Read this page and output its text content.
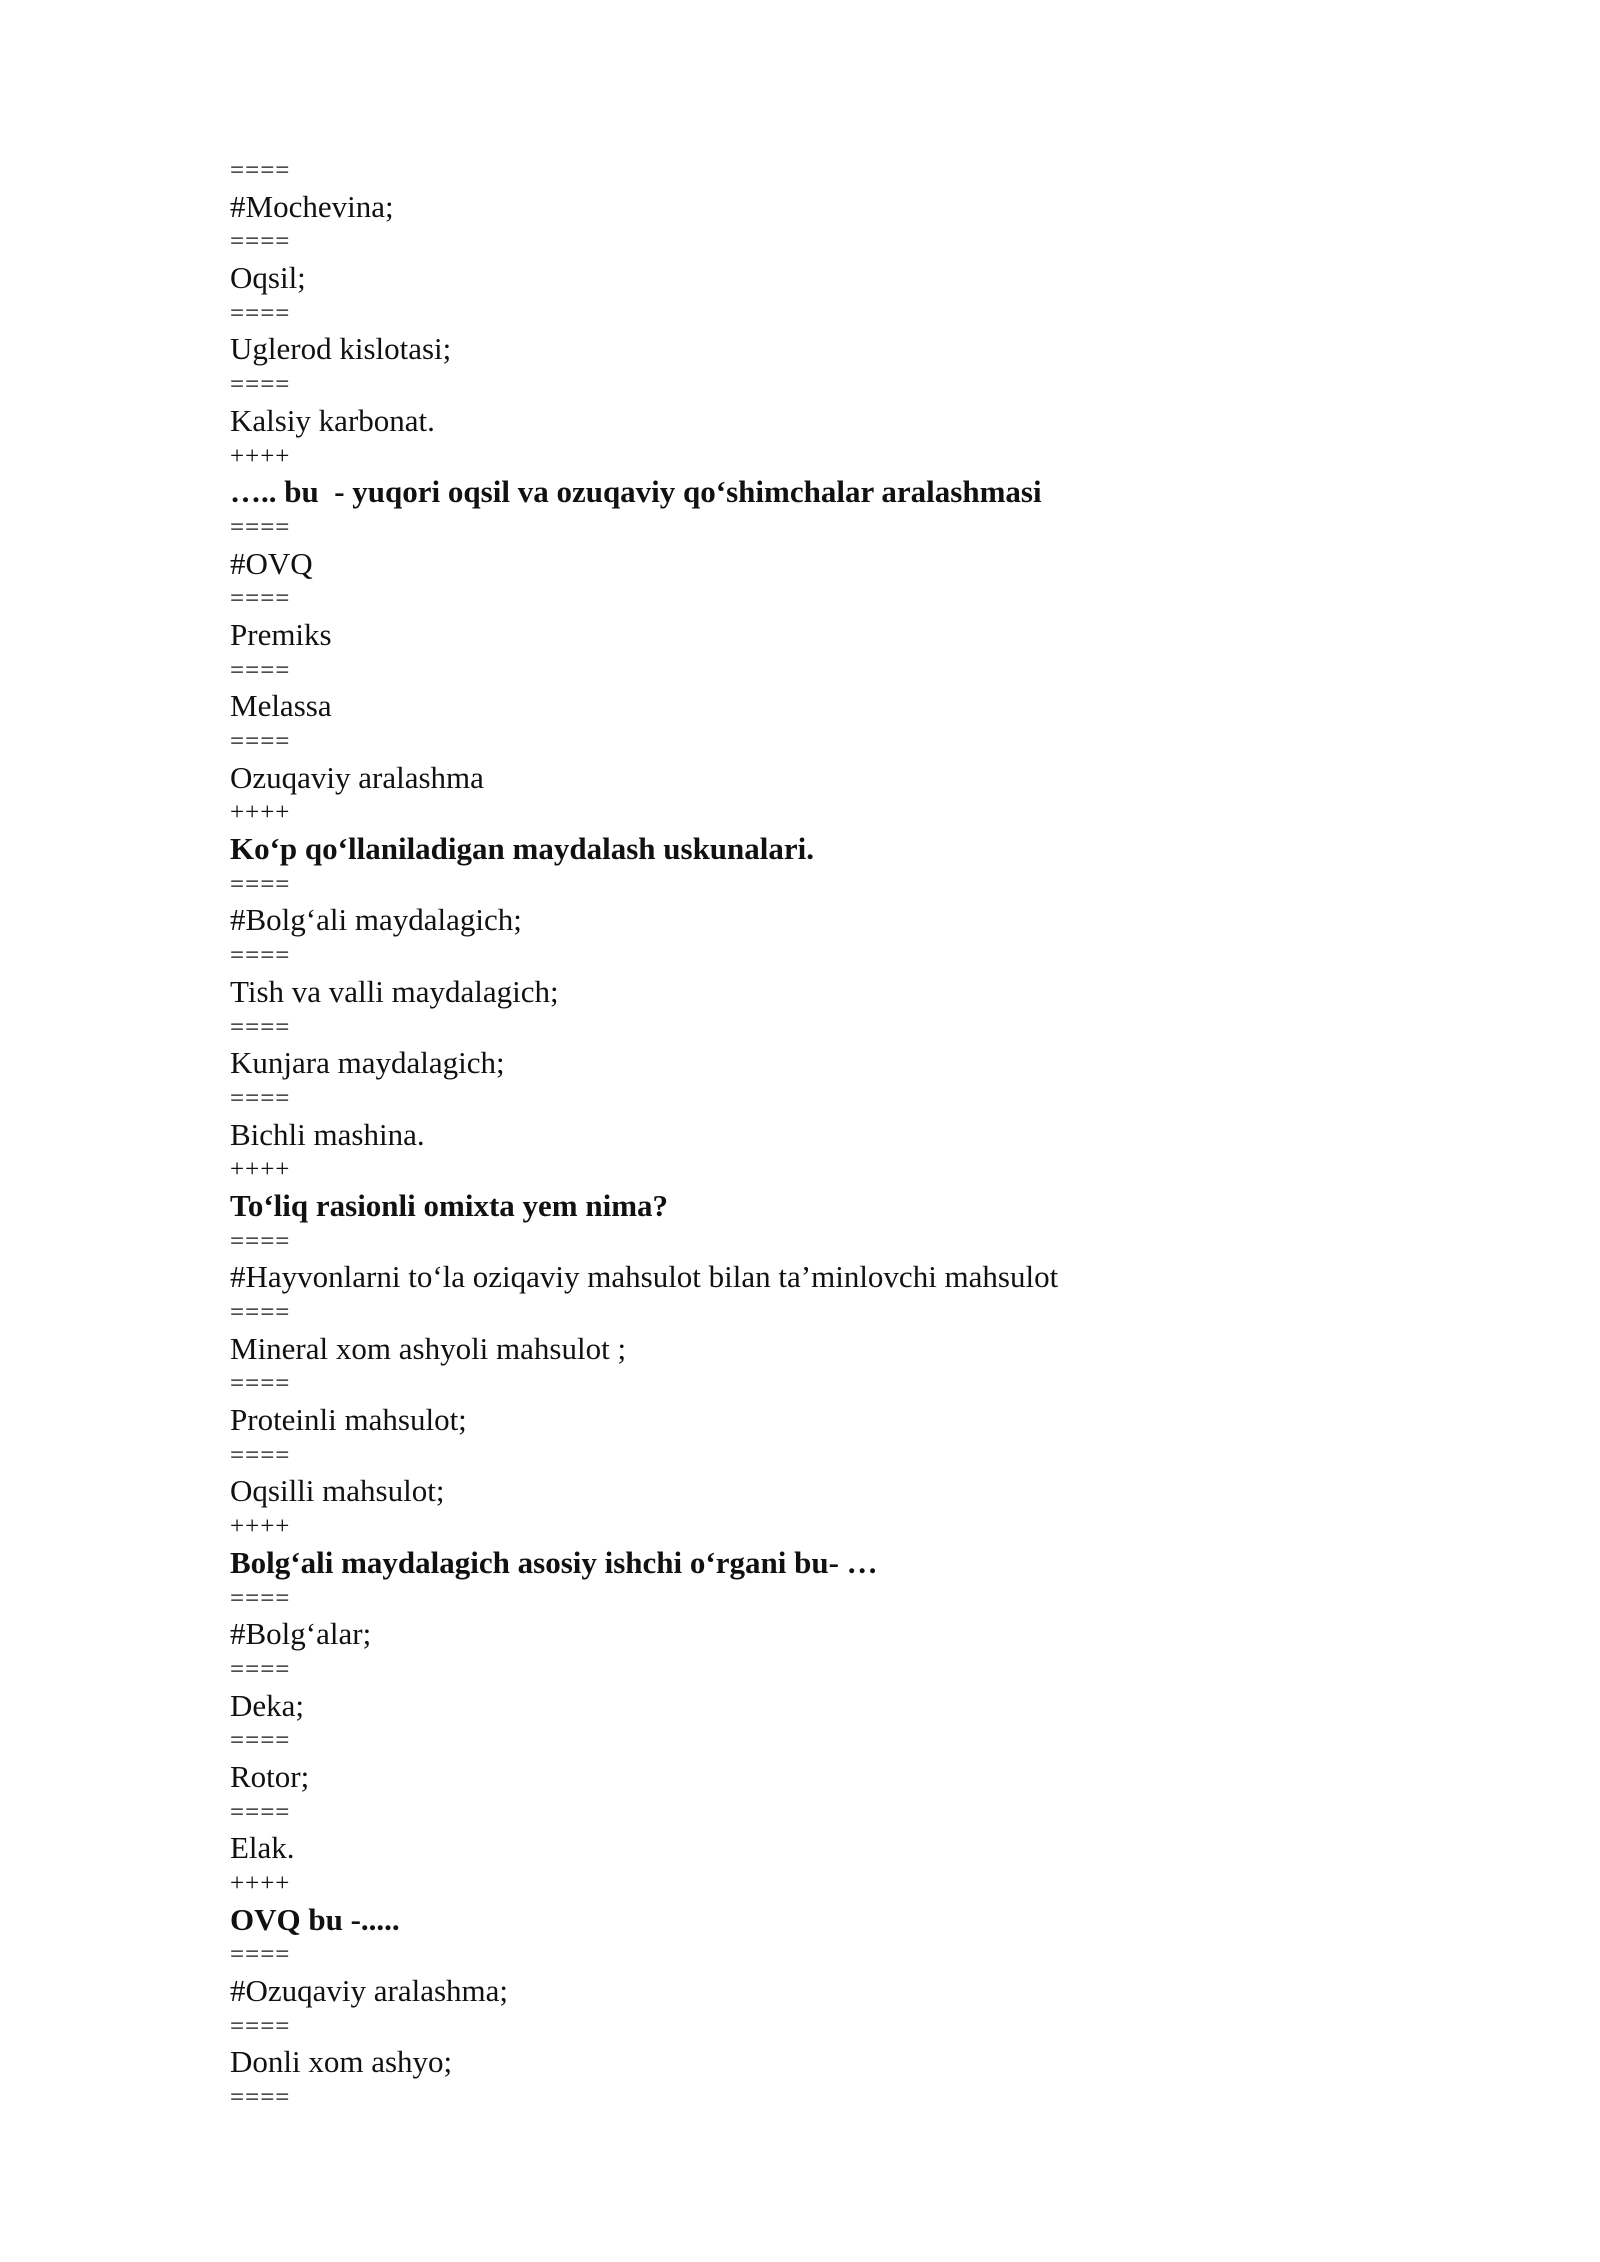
====
#Mochevina;
====
Oqsil;
====
Uglerod kislotasi;
====
Kalsiy karbonat.
++++
….. bu  - yuqori oqsil va ozuqaviy qo‘shimchalar aralashmasi
====
#OVQ
====
Premiks
====
Melassa
====
Ozuqaviy aralashma
++++
Ko‘p qo‘llaniladigan maydalash uskunalari.
====
#Bolg‘ali maydalagich;
====
Tish va valli maydalagich;
====
Kunjara maydalagich;
====
Bichli mashina.
++++
To‘liq rasionli omixta yem nima?
====
#Hayvonlarni to‘la oziqaviy mahsulot bilan ta’minlovchi mahsulot
====
Mineral xom ashyoli mahsulot ;
====
Proteinli mahsulot;
====
Oqsilli mahsulot;
++++
Bolg‘ali maydalagich asosiy ishchi o‘rgani bu- …
====
#Bolg‘alar;
====
Deka;
====
Rotor;
====
Elak.
++++
OVQ bu -.....
====
#Ozuqaviy aralashma;
====
Donli xom ashyo;
====
